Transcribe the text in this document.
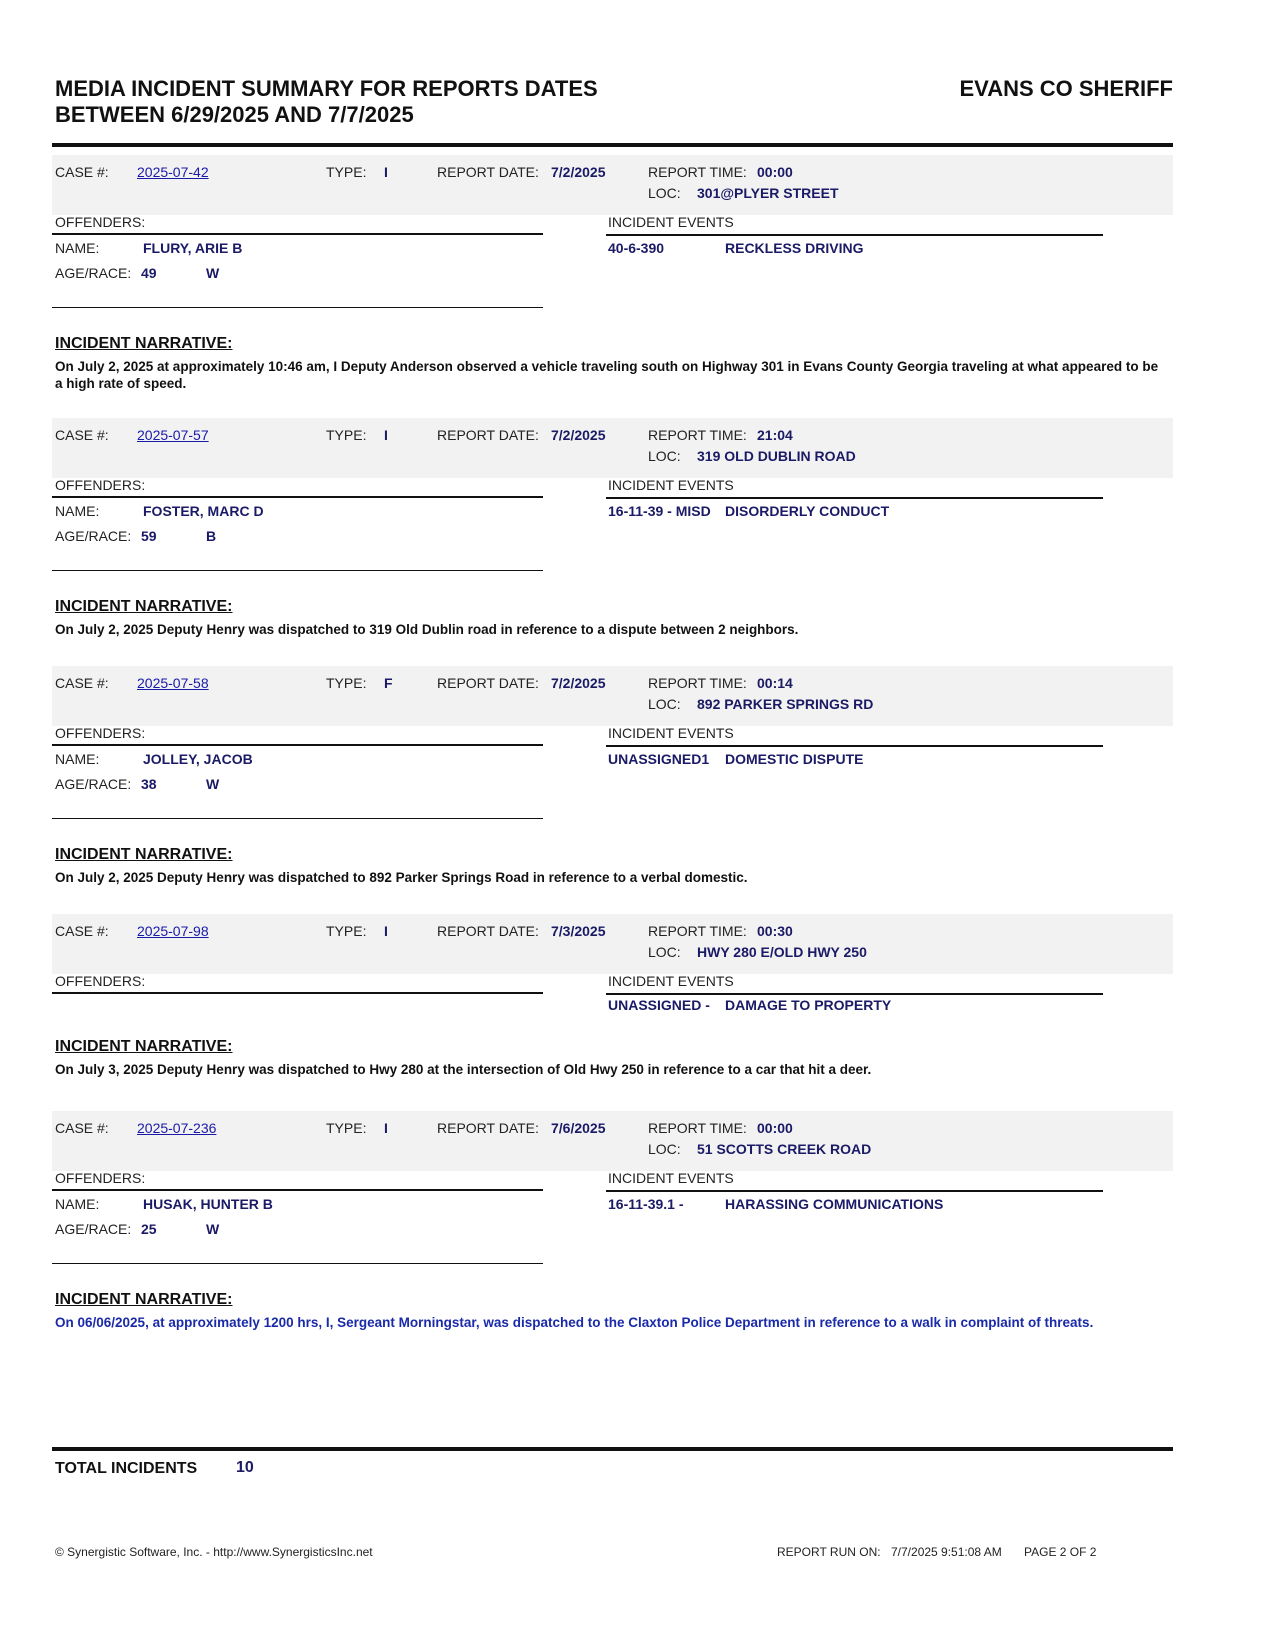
MEDIA INCIDENT SUMMARY FOR REPORTS DATES
BETWEEN 6/29/2025 AND 7/7/2025
EVANS CO SHERIFF
CASE #: 2025-07-42	TYPE: I	REPORT DATE: 7/2/2025	REPORT TIME: 00:00
LOC: 301@PLYER STREET
OFFENDERS:	INCIDENT EVENTS
NAME:	FLURY, ARIE B
AGE/RACE: 49	W
40-6-390	RECKLESS DRIVING
INCIDENT NARRATIVE:
On July 2, 2025 at approximately 10:46 am, I Deputy Anderson observed a vehicle traveling south on Highway 301 in Evans County Georgia traveling at what appeared to be a high rate of speed.
CASE #: 2025-07-57	TYPE: I	REPORT DATE: 7/2/2025	REPORT TIME: 21:04
LOC: 319 OLD DUBLIN ROAD
OFFENDERS:	INCIDENT EVENTS
NAME:	FOSTER, MARC D
AGE/RACE: 59	B
16-11-39 - MISD DISORDERLY CONDUCT
INCIDENT NARRATIVE:
On July 2, 2025 Deputy Henry was dispatched to 319 Old Dublin road in reference to a dispute between 2 neighbors.
CASE #: 2025-07-58	TYPE: F	REPORT DATE: 7/2/2025	REPORT TIME: 00:14
LOC: 892 PARKER SPRINGS RD
OFFENDERS:	INCIDENT EVENTS
NAME:	JOLLEY, JACOB
AGE/RACE: 38	W
UNASSIGNED1 DOMESTIC DISPUTE
INCIDENT NARRATIVE:
On July 2, 2025 Deputy Henry was dispatched to 892 Parker Springs Road in reference to a verbal domestic.
CASE #: 2025-07-98	TYPE: I	REPORT DATE: 7/3/2025	REPORT TIME: 00:30
LOC: HWY 280 E/OLD HWY 250
OFFENDERS:	INCIDENT EVENTS
UNASSIGNED - DAMAGE TO PROPERTY
INCIDENT NARRATIVE:
On July 3, 2025 Deputy Henry was dispatched to Hwy 280 at the intersection of Old Hwy 250 in reference to a car that hit a deer.
CASE #: 2025-07-236	TYPE: I	REPORT DATE: 7/6/2025	REPORT TIME: 00:00
LOC: 51 SCOTTS CREEK ROAD
OFFENDERS:	INCIDENT EVENTS
NAME:	HUSAK, HUNTER B
AGE/RACE: 25	W
16-11-39.1 -	HARASSING COMMUNICATIONS
INCIDENT NARRATIVE:
On 06/06/2025, at approximately 1200 hrs, I, Sergeant Morningstar, was dispatched to the Claxton Police Department in reference to a walk in complaint of threats.
TOTAL INCIDENTS 10
© Synergistic Software, Inc. - http://www.SynergisticsInc.net	REPORT RUN ON: 7/7/2025 9:51:08 AM PAGE 2 OF 2
